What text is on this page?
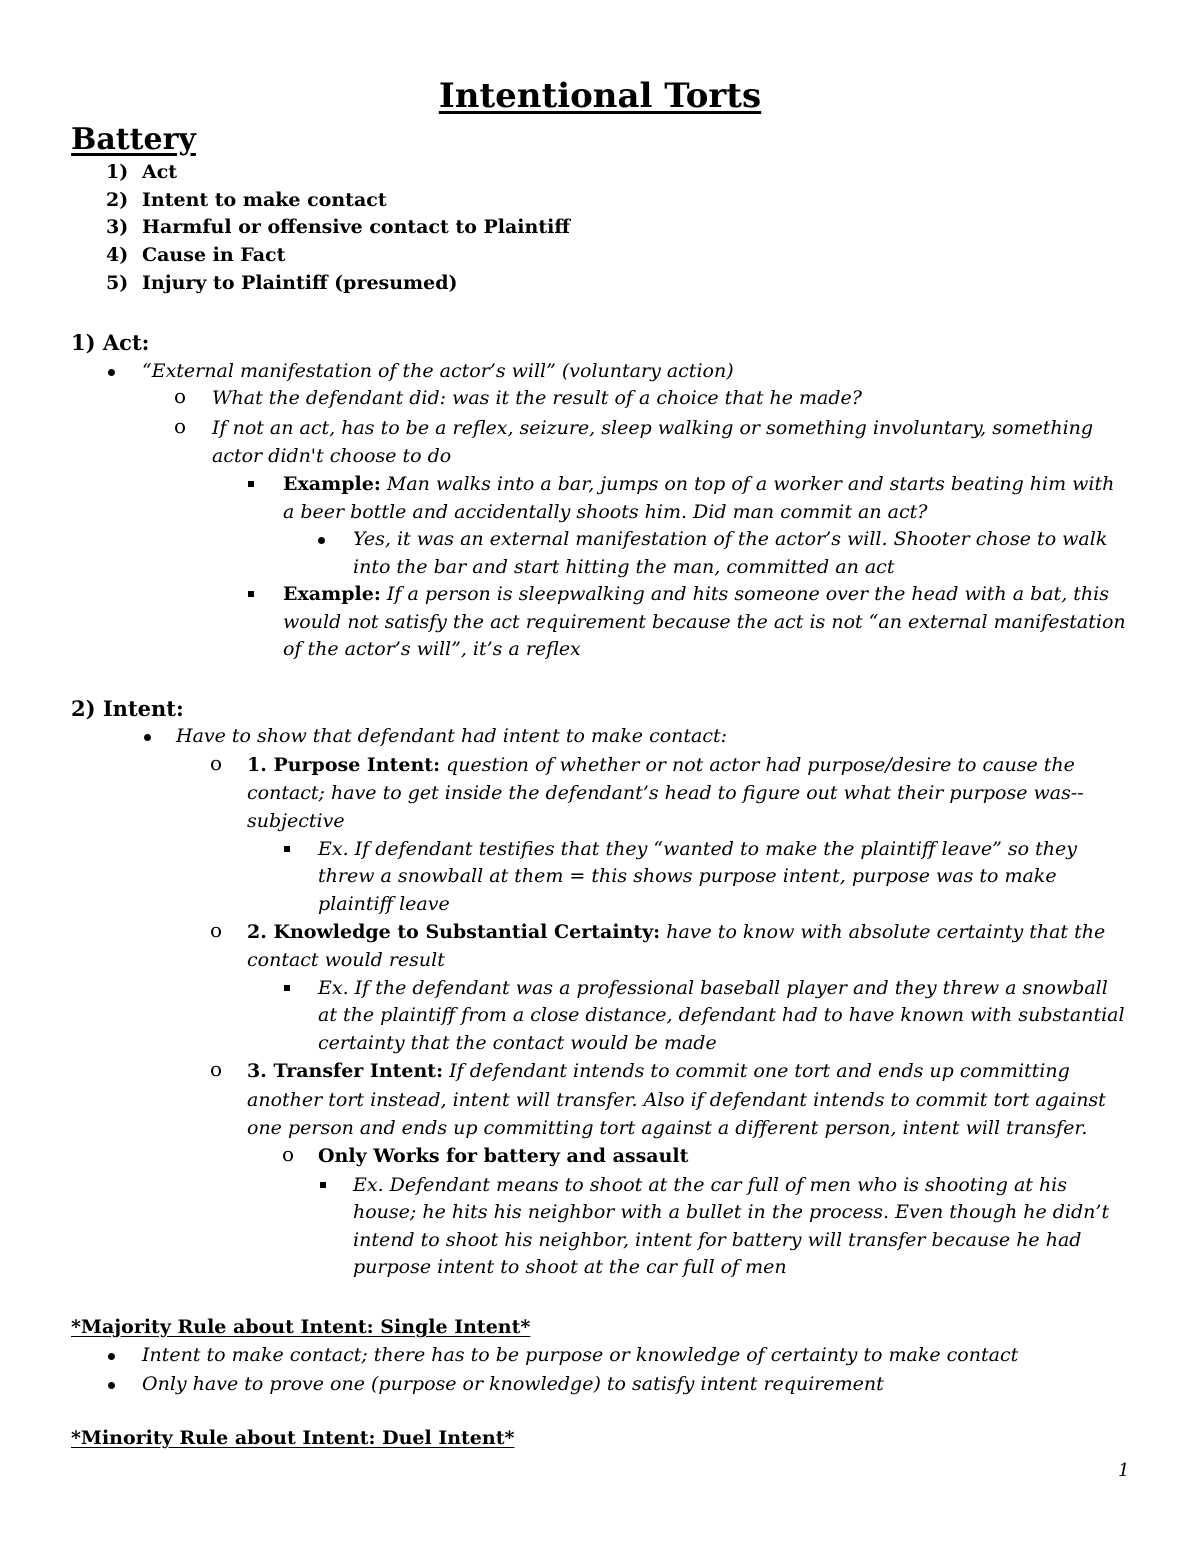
Intentional Torts
Battery
1) Act
2) Intent to make contact
3) Harmful or offensive contact to Plaintiff
4) Cause in Fact
5) Injury to Plaintiff (presumed)
1) Act:
“External manifestation of the actor’s will” (voluntary action)
o What the defendant did: was it the result of a choice that he made?
o If not an act, has to be a reflex, seizure, sleep walking or something involuntary, something
actor didn't choose to do
Example: Man walks into a bar, jumps on top of a worker and starts beating him with
a beer bottle and accidentally shoots him. Did man commit an act?
Yes, it was an external manifestation of the actor’s will. Shooter chose to walk
into the bar and start hitting the man, committed an act
Example: If a person is sleepwalking and hits someone over the head with a bat, this
would not satisfy the act requirement because the act is not “an external manifestation
of the actor’s will”, it’s a reflex
2) Intent:
Have to show that defendant had intent to make contact:
o 1. Purpose Intent: question of whether or not actor had purpose/desire to cause the
contact; have to get inside the defendant’s head to figure out what their purpose was--
subjective
Ex. If defendant testifies that they “wanted to make the plaintiff leave” so they
threw a snowball at them = this shows purpose intent, purpose was to make
plaintiff leave
o 2. Knowledge to Substantial Certainty: have to know with absolute certainty that the
contact would result
Ex. If the defendant was a professional baseball player and they threw a snowball
at the plaintiff from a close distance, defendant had to have known with substantial
certainty that the contact would be made
o 3. Transfer Intent: If defendant intends to commit one tort and ends up committing
another tort instead, intent will transfer. Also if defendant intends to commit tort against
one person and ends up committing tort against a different person, intent will transfer.
o Only Works for battery and assault
Ex. Defendant means to shoot at the car full of men who is shooting at his
house; he hits his neighbor with a bullet in the process. Even though he didn’t
intend to shoot his neighbor, intent for battery will transfer because he had
purpose intent to shoot at the car full of men
*Majority Rule about Intent: Single Intent*
Intent to make contact; there has to be purpose or knowledge of certainty to make contact
Only have to prove one (purpose or knowledge) to satisfy intent requirement
*Minority Rule about Intent: Duel Intent*
1
